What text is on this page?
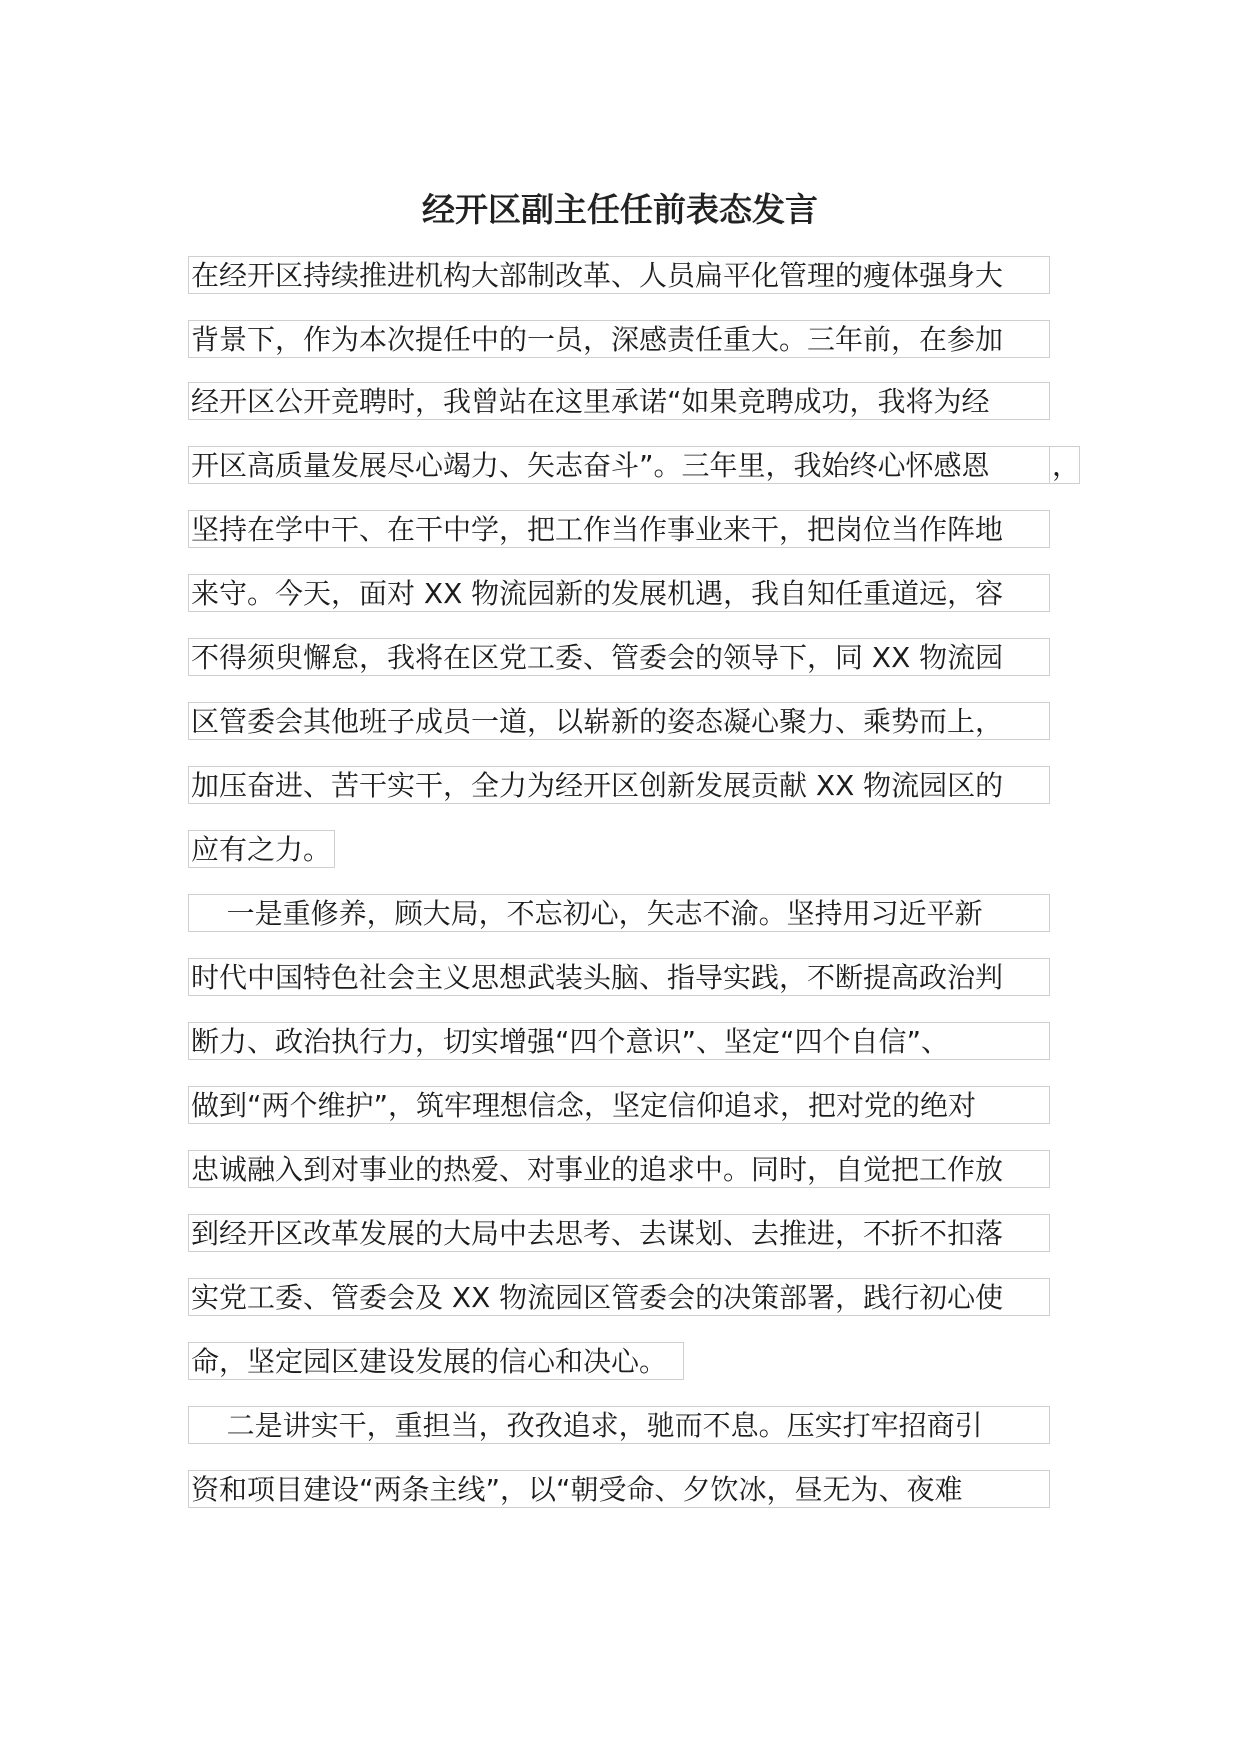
经开区副主任任前表态发言
在经开区持续推进机构大部制改革、人员扁平化管理的瘦体强身大
背景下，作为本次提任中的一员，深感责任重大。三年前，在参加
经开区公开竞聘时，我曾站在这里承诺“如果竞聘成功，我将为经
开区高质量发展尽心竭力、矢志奋斗”。三年里，我始终心怀感恩	，
坚持在学中干、在干中学，把工作当作事业来干，把岗位当作阵地
来守。今天，面对 XX 物流园新的发展机遇，我自知任重道远，容
不得须臾懈怠，我将在区党工委、管委会的领导下，同 XX 物流园
区管委会其他班子成员一道，以崭新的姿态凝心聚力、乘势而上，
加压奋进、苦干实干，全力为经开区创新发展贡献 XX 物流园区的
应有之力。
一是重修养，顾大局，不忘初心，矢志不渝。坚持用习近平新
时代中国特色社会主义思想武装头脑、指导实践，不断提高政治判
断力、政治执行力，切实增强“四个意识”、坚定“四个自信”、
做到“两个维护”，筑牢理想信念，坚定信仰追求，把对党的绝对
忠诚融入到对事业的热爱、对事业的追求中。同时，自觉把工作放
到经开区改革发展的大局中去思考、去谋划、去推进，不折不扣落
实党工委、管委会及 XX 物流园区管委会的决策部署，践行初心使
命，坚定园区建设发展的信心和决心。
二是讲实干，重担当，孜孜追求，驰而不息。压实打牢招商引
资和项目建设“两条主线”，以“朝受命、夕饮冰，昼无为、夜难
